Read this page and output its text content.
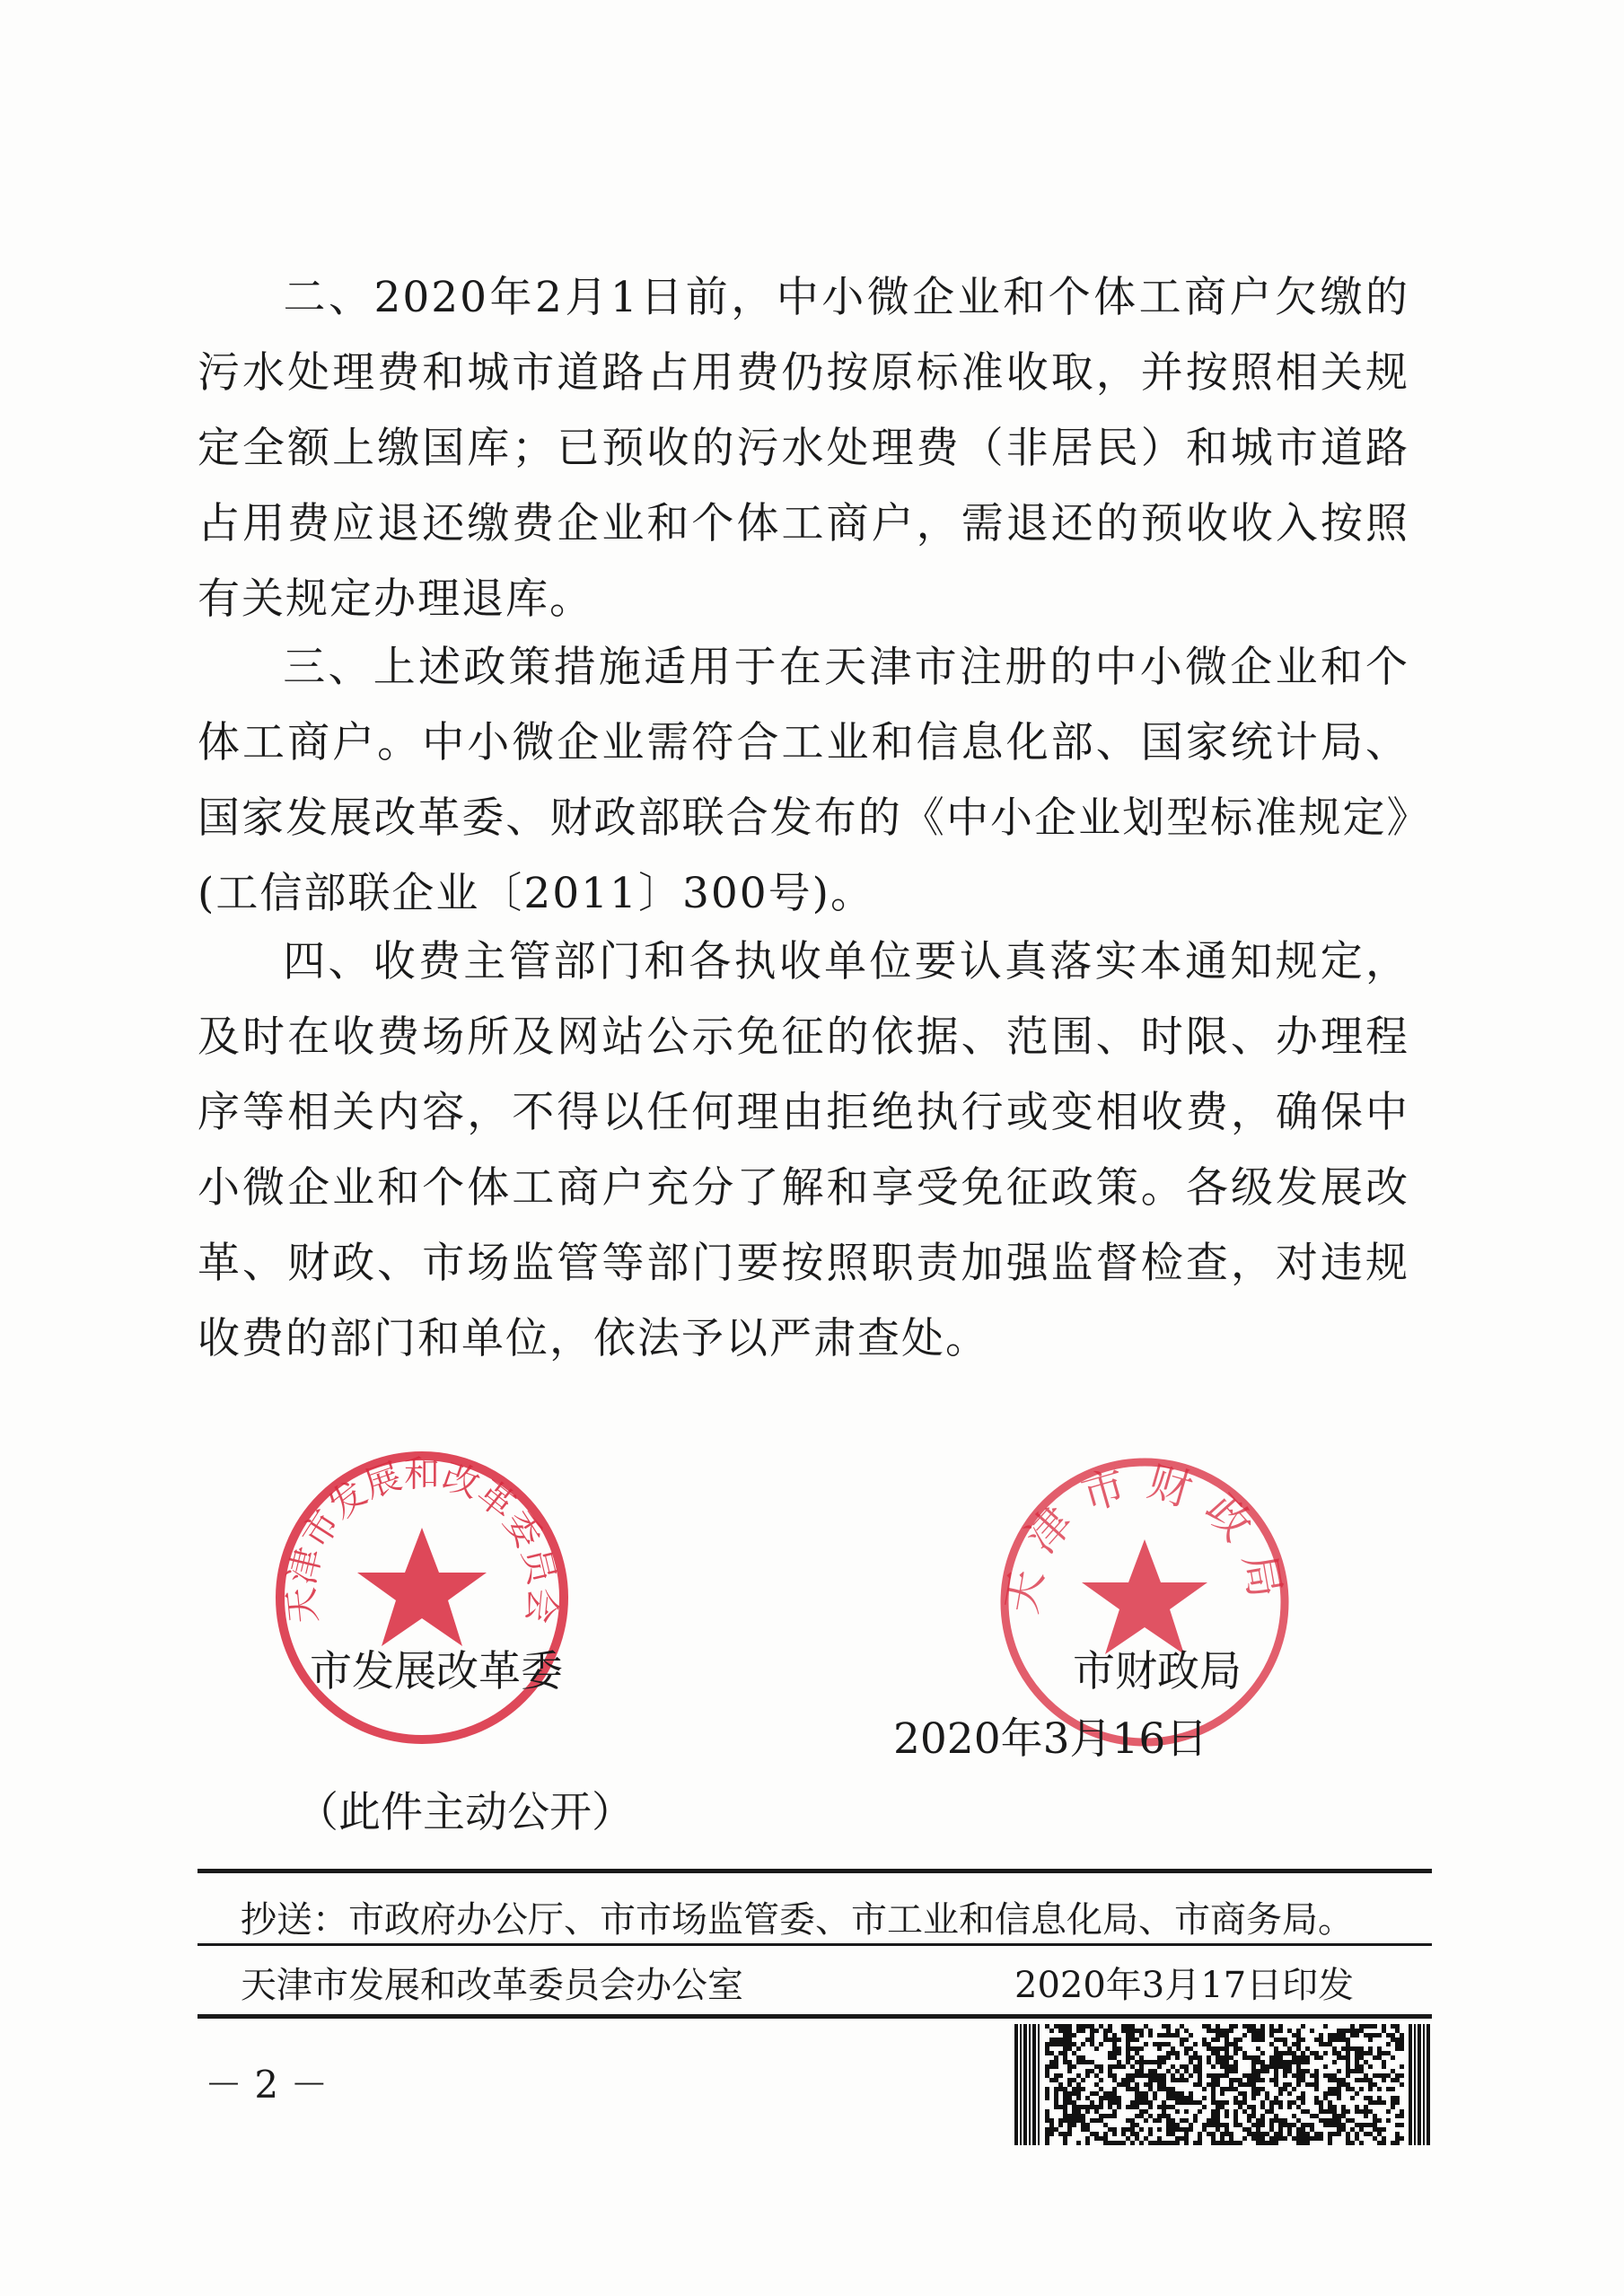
二、2020年2月1日前，中小微企业和个体工商户欠缴的污水处理费和城市道路占用费仍按原标准收取，并按照相关规定全额上缴国库；已预收的污水处理费（非居民）和城市道路占用费应退还缴费企业和个体工商户，需退还的预收收入按照有关规定办理退库。

三、上述政策措施适用于在天津市注册的中小微企业和个体工商户。中小微企业需符合工业和信息化部、国家统计局、国家发展改革委、财政部联合发布的《中小企业划型标准规定》(工信部联企业〔2011〕300号)。

四、收费主管部门和各执收单位要认真落实本通知规定，及时在收费场所及网站公示免征的依据、范围、时限、办理程序等相关内容，不得以任何理由拒绝执行或变相收费，确保中小微企业和个体工商户充分了解和享受免征政策。各级发展改革、财政、市场监管等部门要按照职责加强监督检查，对违规收费的部门和单位，依法予以严肃查处。

天津市发展和改革委员会	天津市财政局
市发展改革委	市财政局
2020年3月16日
（此件主动公开）
抄送：市政府办公厅、市市场监管委、市工业和信息化局、市商务局。
天津市发展和改革委员会办公室	2020年3月17日印发
－ 2 －
